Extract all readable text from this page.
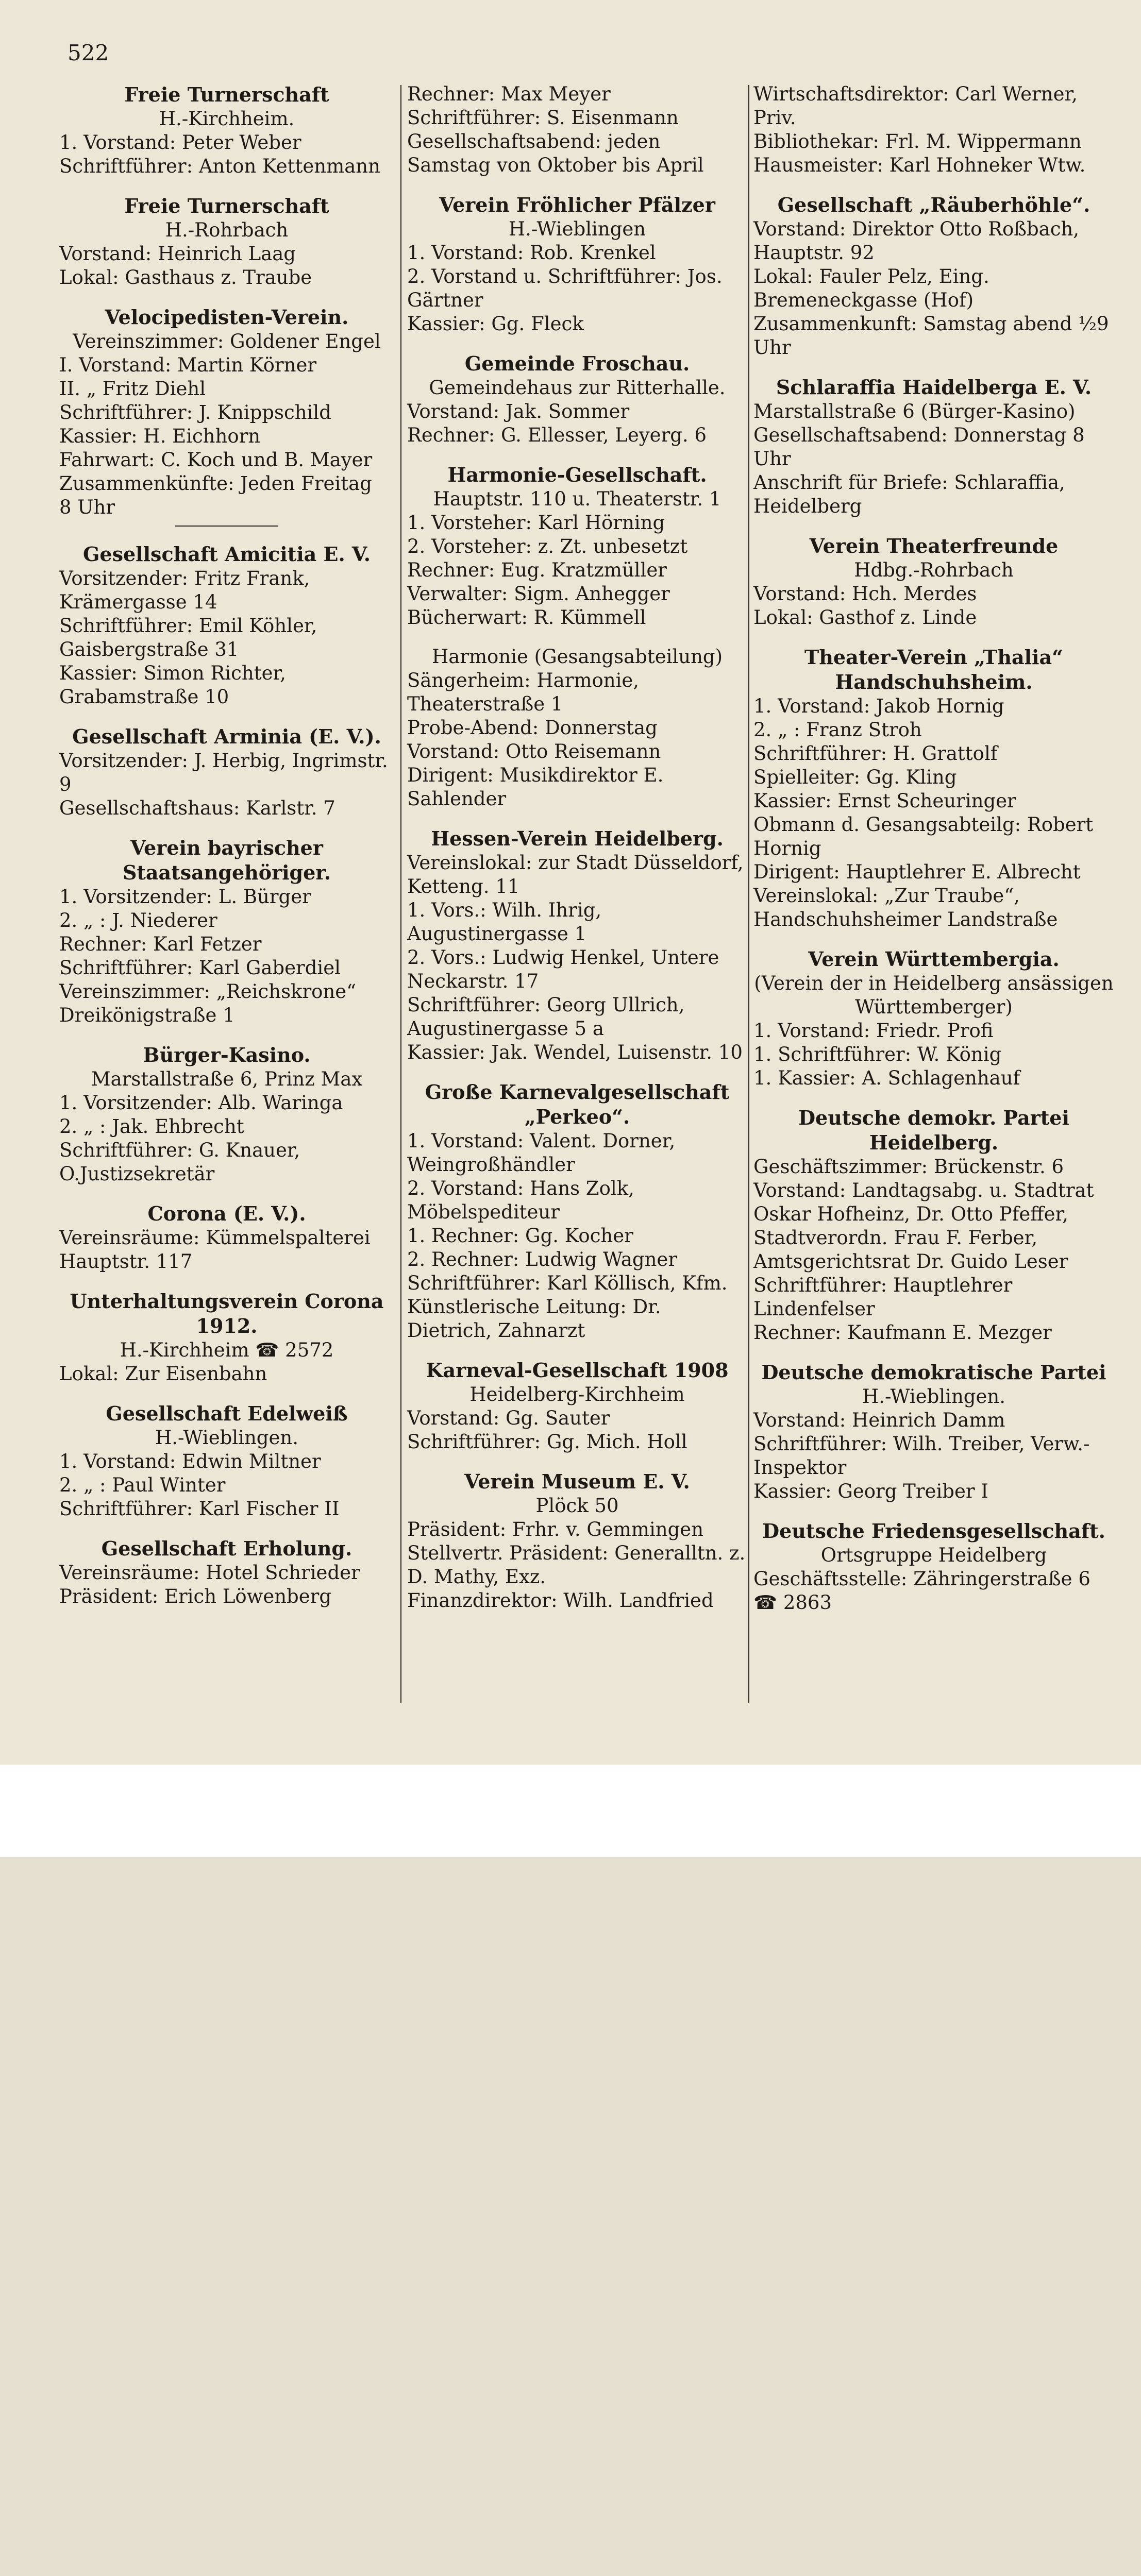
522
Freie Turnerschaft
H.-Kirchheim.
1. Vorstand: Peter Weber
Schriftführer: Anton Kettenmann
Freie Turnerschaft
H.-Rohrbach
Vorstand: Heinrich Laag
Lokal: Gasthaus z. Traube
Velocipedisten-Verein.
Vereinszimmer: Goldener Engel
I. Vorstand: Martin Körner
II. „ Fritz Diehl
Schriftführer: J. Knippschild
Kassier: H. Eichhorn
Fahrwart: C. Koch und B. Mayer
Zusammenkünfte: Jeden Freitag
8 Uhr
Gesellschaft Amicitia E. V.
Vorsitzender: Fritz Frank, Krämergasse 14
Schriftführer: Emil Köhler, Gaisbergstraße 31
Kassier: Simon Richter, Grabamstraße 10
Gesellschaft Arminia (E. V.).
Vorsitzender: J. Herbig, Ingrimstr. 9
Gesellschaftshaus: Karlstr. 7
Verein bayrischer Staatsangehöriger.
1. Vorsitzender: L. Bürger
2. „ : J. Niederer
Rechner: Karl Fetzer
Schriftführer: Karl Gaberdiel
Vereinszimmer: „Reichskrone“ Dreikönigstraße 1
Bürger-Kasino.
Marstallstraße 6, Prinz Max
1. Vorsitzender: Alb. Waringa
2. „ : Jak. Ehbrecht
Schriftführer: G. Knauer, O.Justizsekretär
Corona (E. V.).
Vereinsräume: Kümmelspalterei
Hauptstr. 117
Unterhaltungsverein Corona 1912.
H.-Kirchheim ☎ 2572
Lokal: Zur Eisenbahn
Gesellschaft Edelweiß
H.-Wieblingen.
1. Vorstand: Edwin Miltner
2. „ : Paul Winter
Schriftführer: Karl Fischer II
Gesellschaft Erholung.
Vereinsräume: Hotel Schrieder
Präsident: Erich Löwenberg
Rechner: Max Meyer
Schriftführer: S. Eisenmann
Gesellschaftsabend: jeden Samstag von Oktober bis April
Verein Fröhlicher Pfälzer
H.-Wieblingen
1. Vorstand: Rob. Krenkel
2. Vorstand u. Schriftführer: Jos. Gärtner
Kassier: Gg. Fleck
Gemeinde Froschau.
Gemeindehaus zur Ritterhalle.
Vorstand: Jak. Sommer
Rechner: G. Ellesser, Leyerg. 6
Harmonie-Gesellschaft.
Hauptstr. 110 u. Theaterstr. 1
1. Vorsteher: Karl Hörning
2. Vorsteher: z. Zt. unbesetzt
Rechner: Eug. Kratzmüller
Verwalter: Sigm. Anhegger
Bücherwart: R. Kümmell
Harmonie (Gesangsabteilung)
Sängerheim: Harmonie, Theaterstraße 1
Probe-Abend: Donnerstag
Vorstand: Otto Reisemann
Dirigent: Musikdirektor E. Sahlender
Hessen-Verein Heidelberg.
Vereinslokal: zur Stadt Düsseldorf, Ketteng. 11
1. Vors.: Wilh. Ihrig, Augustinergasse 1
2. Vors.: Ludwig Henkel, Untere Neckarstr. 17
Schriftführer: Georg Ullrich, Augustinergasse 5 a
Kassier: Jak. Wendel, Luisenstr. 10
Große Karnevalgesellschaft „Perkeo“.
1. Vorstand: Valent. Dorner, Weingroßhändler
2. Vorstand: Hans Zolk, Möbelspediteur
1. Rechner: Gg. Kocher
2. Rechner: Ludwig Wagner
Schriftführer: Karl Köllisch, Kfm.
Künstlerische Leitung: Dr. Dietrich, Zahnarzt
Karneval-Gesellschaft 1908
Heidelberg-Kirchheim
Vorstand: Gg. Sauter
Schriftführer: Gg. Mich. Holl
Verein Museum E. V.
Plöck 50
Präsident: Frhr. v. Gemmingen
Stellvertr. Präsident: Generalltn. z. D. Mathy, Exz.
Finanzdirektor: Wilh. Landfried
Wirtschaftsdirektor: Carl Werner, Priv.
Bibliothekar: Frl. M. Wippermann
Hausmeister: Karl Hohneker Wtw.
Gesellschaft „Räuberhöhle“.
Vorstand: Direktor Otto Roßbach, Hauptstr. 92
Lokal: Fauler Pelz, Eing. Bremeneckgasse (Hof)
Zusammenkunft: Samstag abend ½9 Uhr
Schlaraffia Haidelberga E. V.
Marstallstraße 6 (Bürger-Kasino)
Gesellschaftsabend: Donnerstag 8 Uhr
Anschrift für Briefe: Schlaraffia, Heidelberg
Verein Theaterfreunde
Hdbg.-Rohrbach
Vorstand: Hch. Merdes
Lokal: Gasthof z. Linde
Theater-Verein „Thalia“ Handschuhsheim.
1. Vorstand: Jakob Hornig
2. „ : Franz Stroh
Schriftführer: H. Grattolf
Spielleiter: Gg. Kling
Kassier: Ernst Scheuringer
Obmann d. Gesangsabteilg: Robert Hornig
Dirigent: Hauptlehrer E. Albrecht
Vereinslokal: „Zur Traube“, Handschuhsheimer Landstraße
Verein Württembergia.
(Verein der in Heidelberg ansässigen Württemberger)
1. Vorstand: Friedr. Profi
1. Schriftführer: W. König
1. Kassier: A. Schlagenhauf
Deutsche demokr. Partei Heidelberg.
Geschäftszimmer: Brückenstr. 6
Vorstand: Landtagsabg. u. Stadtrat Oskar Hofheinz, Dr. Otto Pfeffer, Stadtverordn. Frau F. Ferber, Amtsgerichtsrat Dr. Guido Leser
Schriftführer: Hauptlehrer Lindenfelser
Rechner: Kaufmann E. Mezger
Deutsche demokratische Partei
H.-Wieblingen.
Vorstand: Heinrich Damm
Schriftführer: Wilh. Treiber, Verw.-Inspektor
Kassier: Georg Treiber I
Deutsche Friedensgesellschaft.
Ortsgruppe Heidelberg
Geschäftsstelle: Zähringerstraße 6
☎ 2863
